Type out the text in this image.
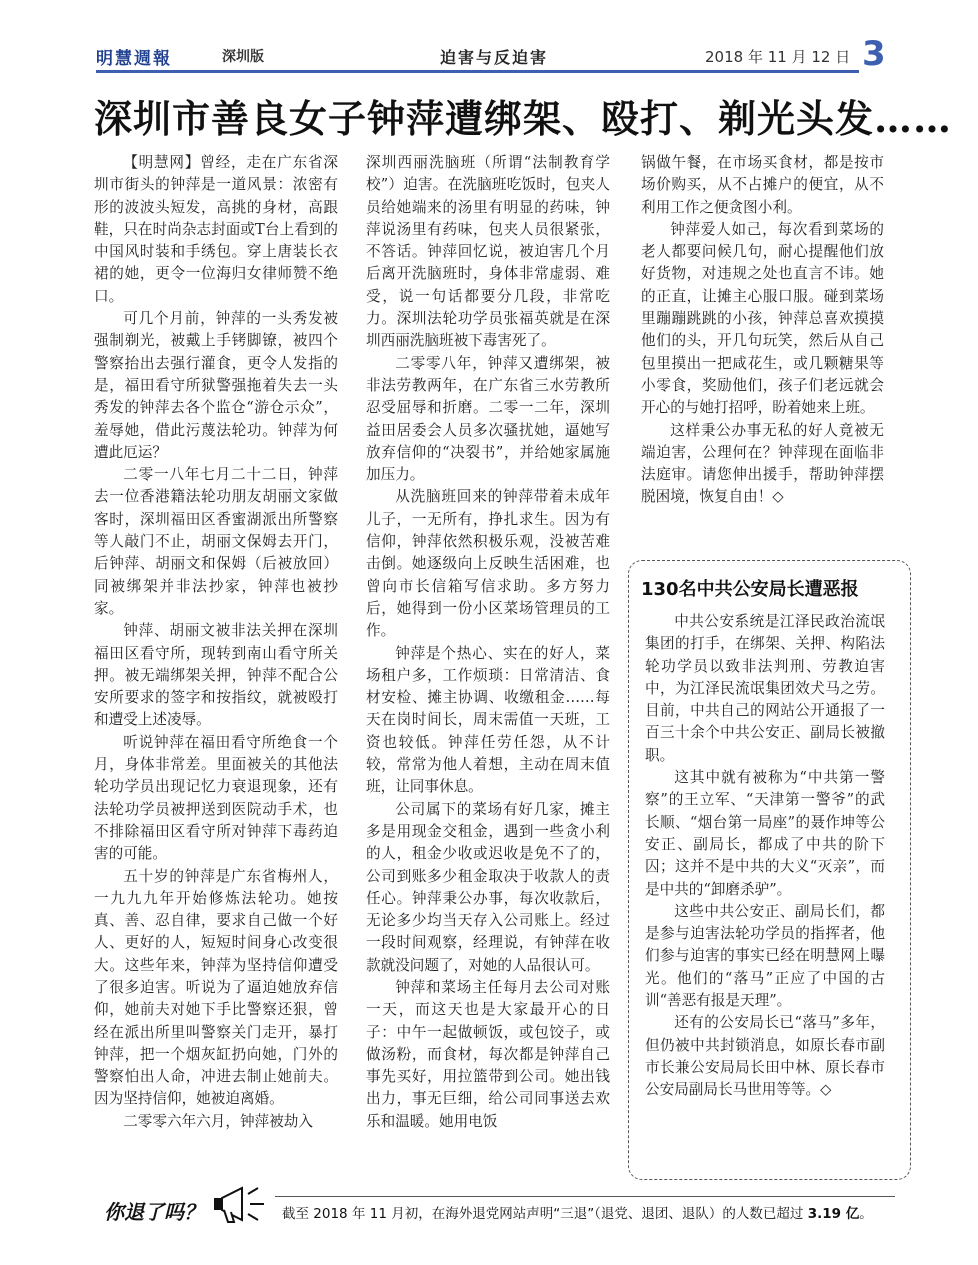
明慧週報	深圳版	迫害与反迫害	2018 年 11 月 12 日 3
深圳市善良女子钟萍遭绑架、殴打、剃光头发……

【明慧网】曾经，走在广东省深圳市街头的钟萍是一道风景：浓密有形的波波头短发，高挑的身材，高跟鞋，只在时尚杂志封面或T台上看到的中国风时装和手绣包。穿上唐装长衣裙的她，更令一位海归女律师赞不绝口。

可几个月前，钟萍的一头秀发被强制剃光，被戴上手铐脚镣，被四个警察抬出去强行灌食，更令人发指的是，福田看守所狱警强拖着失去一头秀发的钟萍去各个监仓“游仓示众”，羞辱她，借此污蔑法轮功。钟萍为何遭此厄运？

二零一八年七月二十二日，钟萍去一位香港籍法轮功朋友胡丽文家做客时，深圳福田区香蜜湖派出所警察等人敲门不止，胡丽文保姆去开门，后钟萍、胡丽文和保姆（后被放回）同被绑架并非法抄家，钟萍也被抄家。

钟萍、胡丽文被非法关押在深圳福田区看守所，现转到南山看守所关押。被无端绑架关押，钟萍不配合公安所要求的签字和按指纹，就被殴打和遭受上述凌辱。

听说钟萍在福田看守所绝食一个月，身体非常差。里面被关的其他法轮功学员出现记忆力衰退现象，还有法轮功学员被押送到医院动手术，也不排除福田区看守所对钟萍下毒药迫害的可能。

五十岁的钟萍是广东省梅州人，一九九九年开始修炼法轮功。她按真、善、忍自律，要求自己做一个好人、更好的人，短短时间身心改变很大。这些年来，钟萍为坚持信仰遭受了很多迫害。听说为了逼迫她放弃信仰，她前夫对她下手比警察还狠，曾经在派出所里叫警察关门走开，暴打钟萍，把一个烟灰缸扔向她，门外的警察怕出人命，冲进去制止她前夫。因为坚持信仰，她被迫离婚。

二零零六年六月，钟萍被劫入

深圳西丽洗脑班（所谓“法制教育学校”）迫害。在洗脑班吃饭时，包夹人员给她端来的汤里有明显的药味，钟萍说汤里有药味，包夹人员很紧张，不答话。钟萍回忆说，被迫害几个月后离开洗脑班时，身体非常虚弱、难受，说一句话都要分几段，非常吃力。深圳法轮功学员张福英就是在深圳西丽洗脑班被下毒害死了。

二零零八年，钟萍又遭绑架，被非法劳教两年，在广东省三水劳教所忍受屈辱和折磨。二零一二年，深圳益田居委会人员多次骚扰她，逼她写放弃信仰的“决裂书”，并给她家属施加压力。

从洗脑班回来的钟萍带着未成年儿子，一无所有，挣扎求生。因为有信仰，钟萍依然积极乐观，没被苦难击倒。她逐级向上反映生活困难，也曾向市长信箱写信求助。多方努力后，她得到一份小区菜场管理员的工作。

钟萍是个热心、实在的好人，菜场租户多，工作烦琐：日常清洁、食材安检、摊主协调、收缴租金……每天在岗时间长，周末需值一天班，工资也较低。钟萍任劳任怨，从不计较，常常为他人着想，主动在周末值班，让同事休息。

公司属下的菜场有好几家，摊主多是用现金交租金，遇到一些贪小利的人，租金少收或迟收是免不了的，公司到账多少租金取决于收款人的责任心。钟萍秉公办事，每次收款后，无论多少均当天存入公司账上。经过一段时间观察，经理说，有钟萍在收款就没问题了，对她的人品很认可。

钟萍和菜场主任每月去公司对账一天，而这天也是大家最开心的日子：中午一起做顿饭，或包饺子，或做汤粉，而食材，每次都是钟萍自己事先买好，用拉篮带到公司。她出钱出力，事无巨细，给公司同事送去欢乐和温暖。她用电饭

锅做午餐，在市场买食材，都是按市场价购买，从不占摊户的便宜，从不利用工作之便贪图小利。

钟萍爱人如己，每次看到菜场的老人都要问候几句，耐心提醒他们放好货物，对违规之处也直言不讳。她的正直，让摊主心服口服。碰到菜场里蹦蹦跳跳的小孩，钟萍总喜欢摸摸他们的头，开几句玩笑，然后从自己包里摸出一把咸花生，或几颗糖果等小零食，奖励他们，孩子们老远就会开心的与她打招呼，盼着她来上班。

这样秉公办事无私的好人竟被无端迫害，公理何在？钟萍现在面临非法庭审。请您伸出援手，帮助钟萍摆脱困境，恢复自由！◇

130名中共公安局长遭恶报

中共公安系统是江泽民政治流氓集团的打手，在绑架、关押、构陷法轮功学员以致非法判刑、劳教迫害中，为江泽民流氓集团效犬马之劳。目前，中共自己的网站公开通报了一百三十余个中共公安正、副局长被撤职。

这其中就有被称为“中共第一警察”的王立军、“天津第一警爷”的武长顺、“烟台第一局座”的聂作坤等公安正、副局长，都成了中共的阶下囚；这并不是中共的大义“灭亲”，而是中共的“卸磨杀驴”。

这些中共公安正、副局长们，都是参与迫害法轮功学员的指挥者，他们参与迫害的事实已经在明慧网上曝光。他们的“落马”正应了中国的古训“善恶有报是天理”。

还有的公安局长已“落马”多年，但仍被中共封锁消息，如原长春市副市长兼公安局局长田中林、原长春市公安局副局长马世用等等。◇

你退了吗？	截至 2018 年 11 月初，在海外退党网站声明“三退”（退党、退团、退队）的人数已超过 3.19 亿。
